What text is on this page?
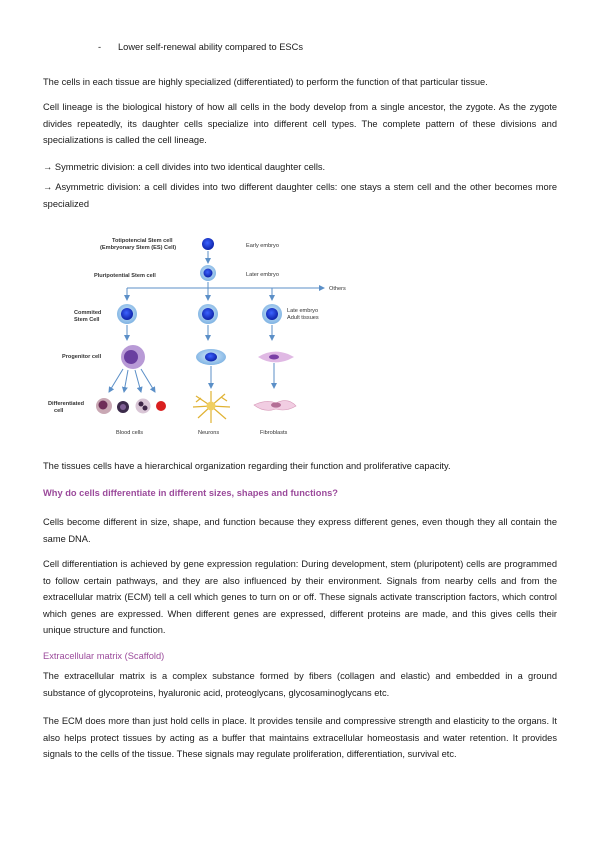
- Lower self-renewal ability compared to ESCs

The cells in each tissue are highly specialized (differentiated) to perform the function of that particular tissue.

Cell lineage is the biological history of how all cells in the body develop from a single ancestor, the zygote. As the zygote divides repeatedly, its daughter cells specialize into different cell types. The complete pattern of these divisions and specializations is called the cell lineage.

→ Symmetric division: a cell divides into two identical daughter cells.

→ Asymmetric division: a cell divides into two different daughter cells: one stays a stem cell and the other becomes more specialized

Totipotencial Stem cell
(Embryonary Stem (ES) Cell)
Pluripotential Stem cell
Commited
Stem Cell
Progenitor cell
Differentiated
cell
Early embryo
Later embryo
Others
Late embryo
Adult tissues
Blood cells	Neurons	Fibroblasts

The tissues cells have a hierarchical organization regarding their function and proliferative capacity.

Why do cells differentiate in different sizes, shapes and functions?

Cells become different in size, shape, and function because they express different genes, even though they all contain the same DNA.

Cell differentiation is achieved by gene expression regulation: During development, stem (pluripotent) cells are programmed to follow certain pathways, and they are also influenced by their environment. Signals from nearby cells and from the extracellular matrix (ECM) tell a cell which genes to turn on or off. These signals activate transcription factors, which control which genes are expressed. When different genes are expressed, different proteins are made, and this gives cells their unique structure and function.

Extracellular matrix (Scaffold)

The extracellular matrix is a complex substance formed by fibers (collagen and elastic) and embedded in a ground substance of glycoproteins, hyaluronic acid, proteoglycans, glycosaminoglycans etc.

The ECM does more than just hold cells in place. It provides tensile and compressive strength and elasticity to the organs. It also helps protect tissues by acting as a buffer that maintains extracellular homeostasis and water retention. It provides signals to the cells of the tissue. These signals may regulate proliferation, differentiation, survival etc.
